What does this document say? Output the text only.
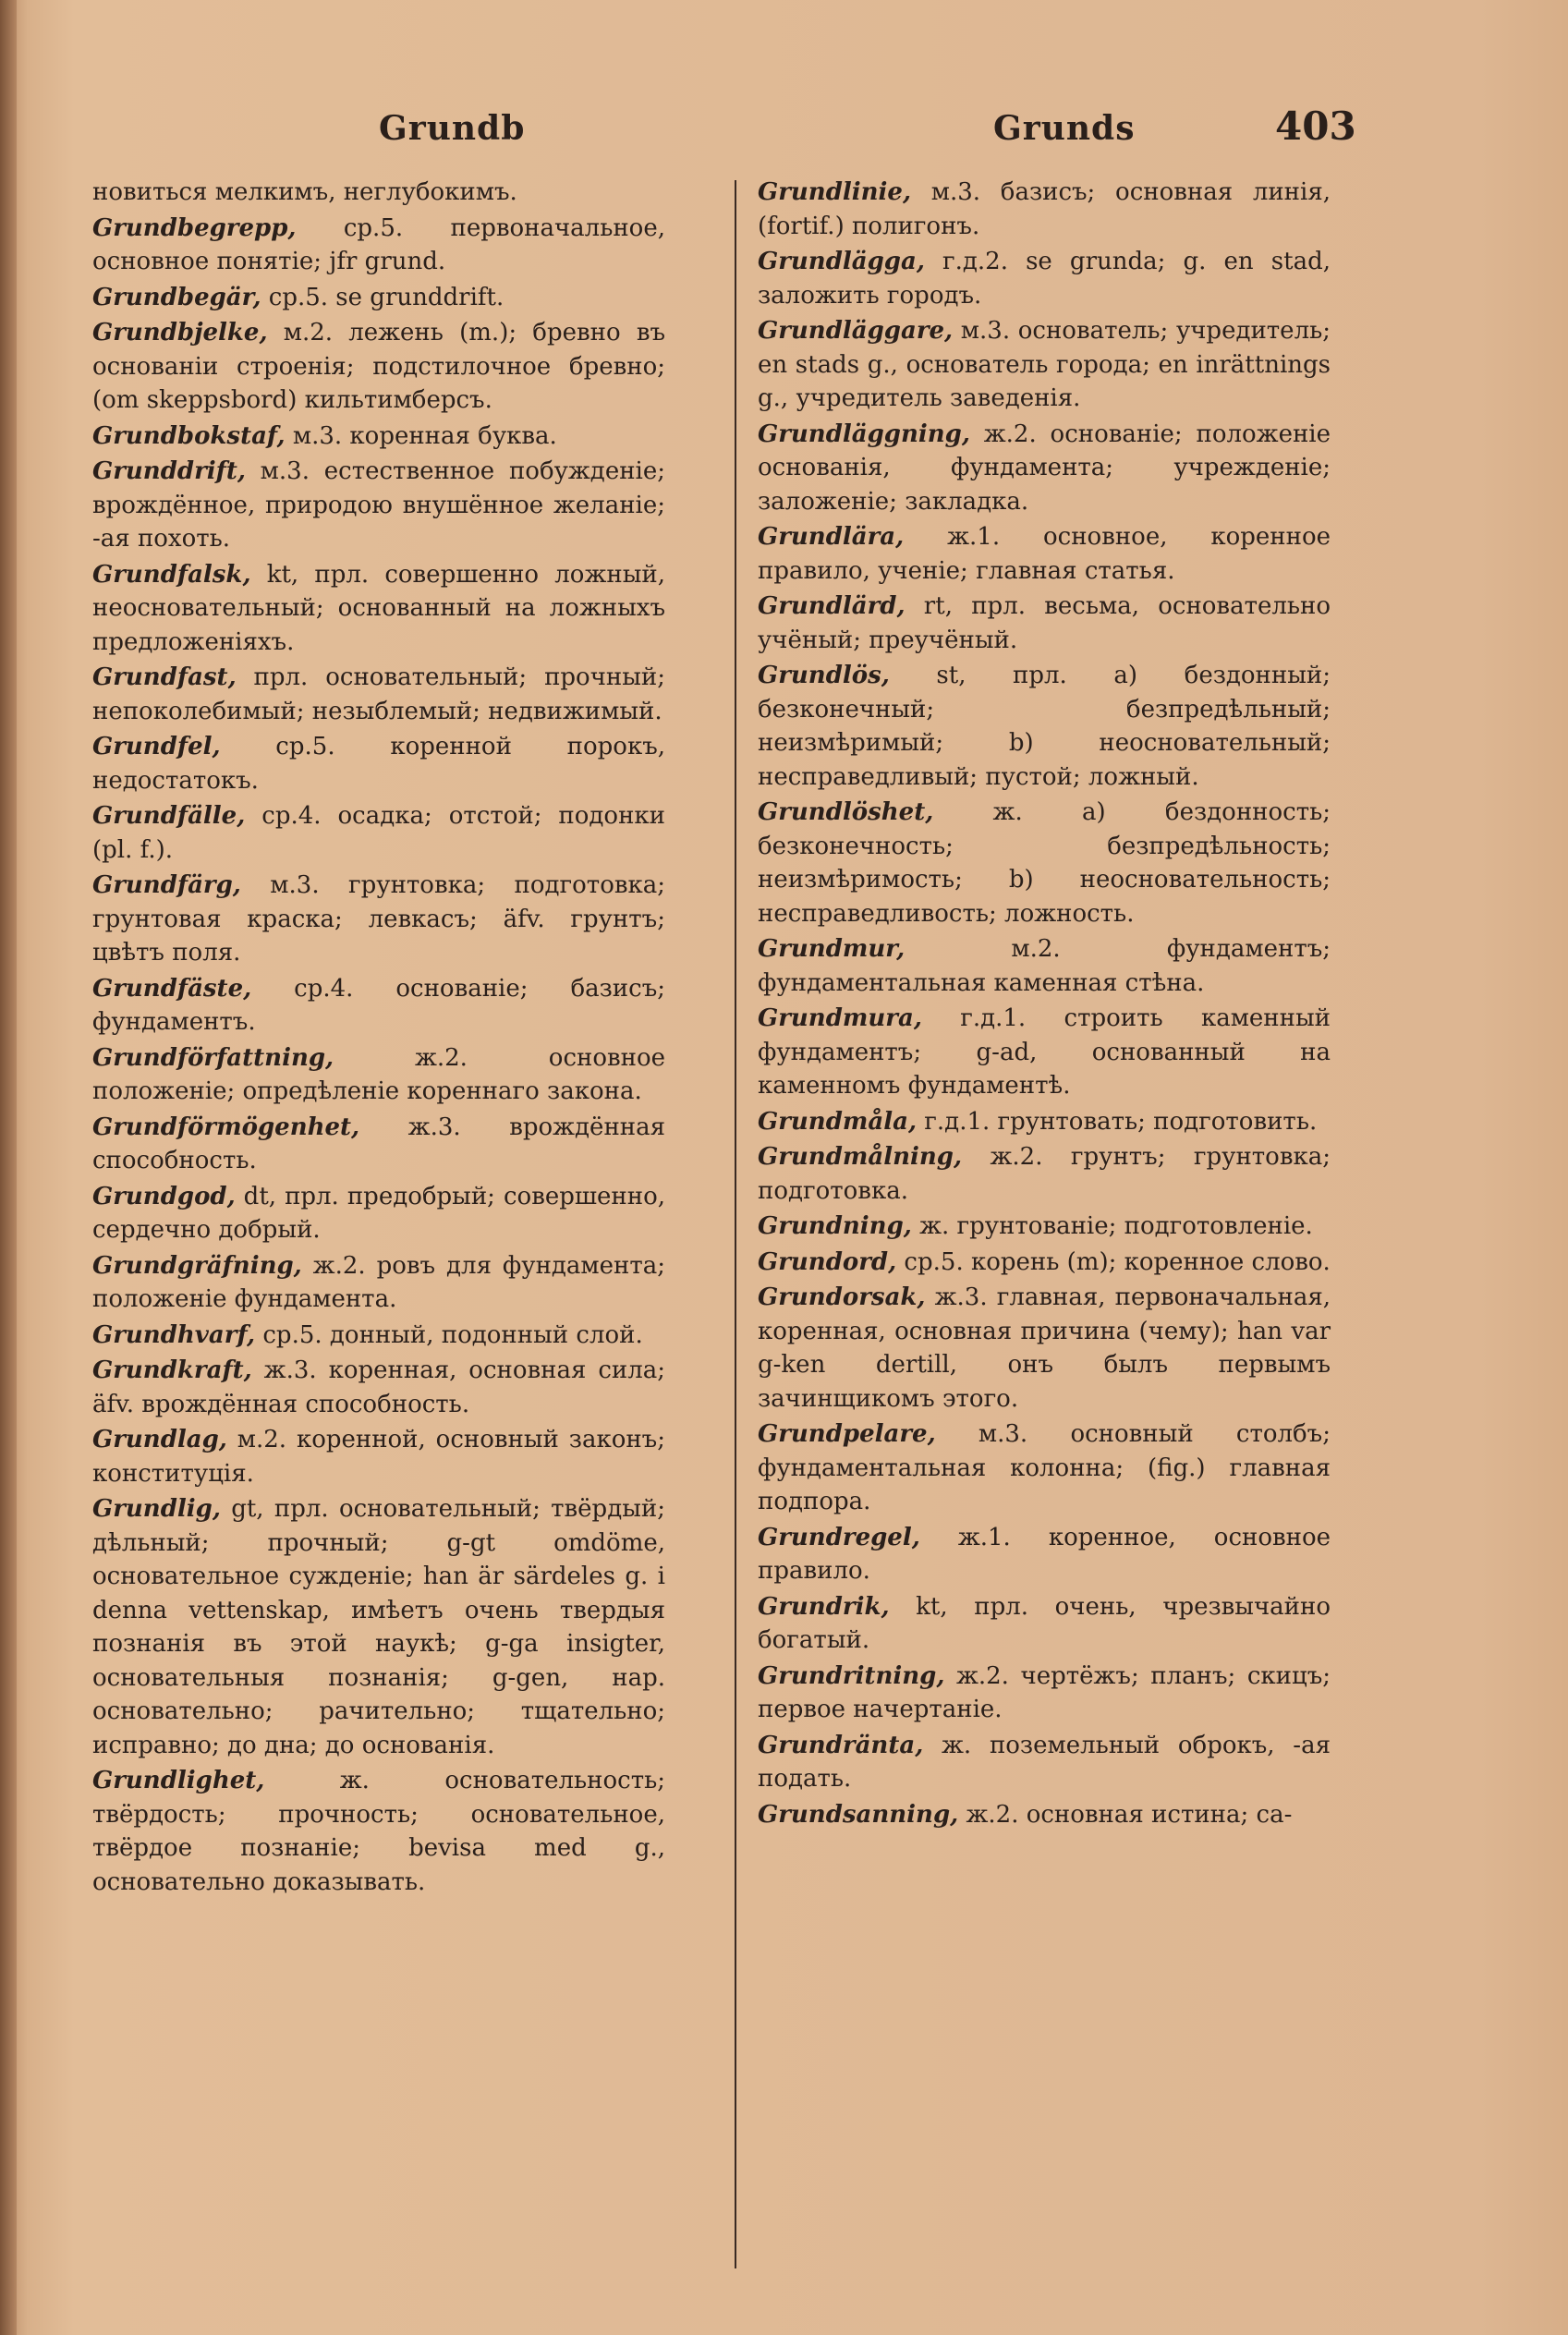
Grundb	Grunds	403
новиться мелкимъ, неглубокимъ.
Grundbegrepp, ср.5. первоначальное, основное понятіе; jfr grund.
Grundbegär, ср.5. se grunddrift.
Grundbjelke, м.2. лежень (m.); бревно въ основаніи строенія; подстилочное бревно; (om skeppsbord) кильтимберсъ.
Grundbokstaf, м.3. коренная буква.
Grunddrift, м.3. естественное побужденіе; врождённое, природою внушённое желаніе; -ая похоть.
Grundfalsk, kt, прл. совершенно ложный, неосновательный; основанный на ложныхъ предложеніяхъ.
Grundfast, прл. основательный; прочный; непоколебимый; незыблемый; недвижимый.
Grundfel, ср.5. коренной порокъ, недостатокъ.
Grundfälle, ср.4. осадка; отстой; подонки (pl. f.).
Grundfärg, м.3. грунтовка; подготовка; грунтовая краска; левкасъ; äfv. грунтъ; цвѣтъ поля.
Grundfäste, ср.4. основаніе; базисъ; фундаментъ.
Grundförfattning, ж.2. основное положеніе; опредѣленіе кореннаго закона.
Grundförmögenhet, ж.3. врождённая способность.
Grundgod, dt, прл. предобрый; совершенно, сердечно добрый.
Grundgräfning, ж.2. ровъ для фундамента; положеніе фундамента.
Grundhvarf, ср.5. донный, подонный слой.
Grundkraft, ж.3. коренная, основная сила; äfv. врождённая способность.
Grundlag, м.2. коренной, основный законъ; конституція.
Grundlig, gt, прл. основательный; твёрдый; дѣльный; прочный; g-gt omdöme, основательное сужденіе; han är särdeles g. i denna vettenskap, имѣетъ очень твердыя познанія въ этой наукѣ; g-ga insigter, основательныя познанія; g-gen, нар. основательно; рачительно; тщательно; исправно; до дна; до основанія.
Grundlighet, ж. основательность; твёрдость; прочность; основательное, твёрдое познаніе; bevisa med g., основательно доказывать.
Grundlinie, м.3. базисъ; основная линія, (fortif.) полигонъ.
Grundlägga, г.д.2. se grunda; g. en stad, заложить городъ.
Grundläggare, м.3. основатель; учредитель; en stads g., основатель города; en inrättnings g., учредитель заведенія.
Grundläggning, ж.2. основаніе; положеніе основанія, фундамента; учрежденіе; заложеніе; закладка.
Grundlära, ж.1. основное, коренное правило, ученіе; главная статья.
Grundlärd, rt, прл. весьма, основательно учёный; преучёный.
Grundlös, st, прл. a) бездонный; безконечный; безпредѣльный; неизмѣримый; b) неосновательный; несправедливый; пустой; ложный.
Grundlöshet, ж. a) бездонность; безконечность; безпредѣльность; неизмѣримость; b) неосновательность; несправедливость; ложность.
Grundmur, м.2. фундаментъ; фундаментальная каменная стѣна.
Grundmura, г.д.1. строить каменный фундаментъ; g-ad, основанный на каменномъ фундаментѣ.
Grundmåla, г.д.1. грунтовать; подготовить.
Grundmålning, ж.2. грунтъ; грунтовка; подготовка.
Grundning, ж. грунтованіе; подготовленіе.
Grundord, ср.5. корень (m); коренное слово.
Grundorsak, ж.3. главная, первоначальная, коренная, основная причина (чему); han var g-ken dertill, онъ былъ первымъ зачинщикомъ этого.
Grundpelare, м.3. основный столбъ; фундаментальная колонна; (fig.) главная подпора.
Grundregel, ж.1. коренное, основное правило.
Grundrik, kt, прл. очень, чрезвычайно богатый.
Grundritning, ж.2. чертёжъ; планъ; скицъ; первое начертаніе.
Grundränta, ж. поземельный оброкъ, -ая подать.
Grundsanning, ж.2. основная истина; са-
